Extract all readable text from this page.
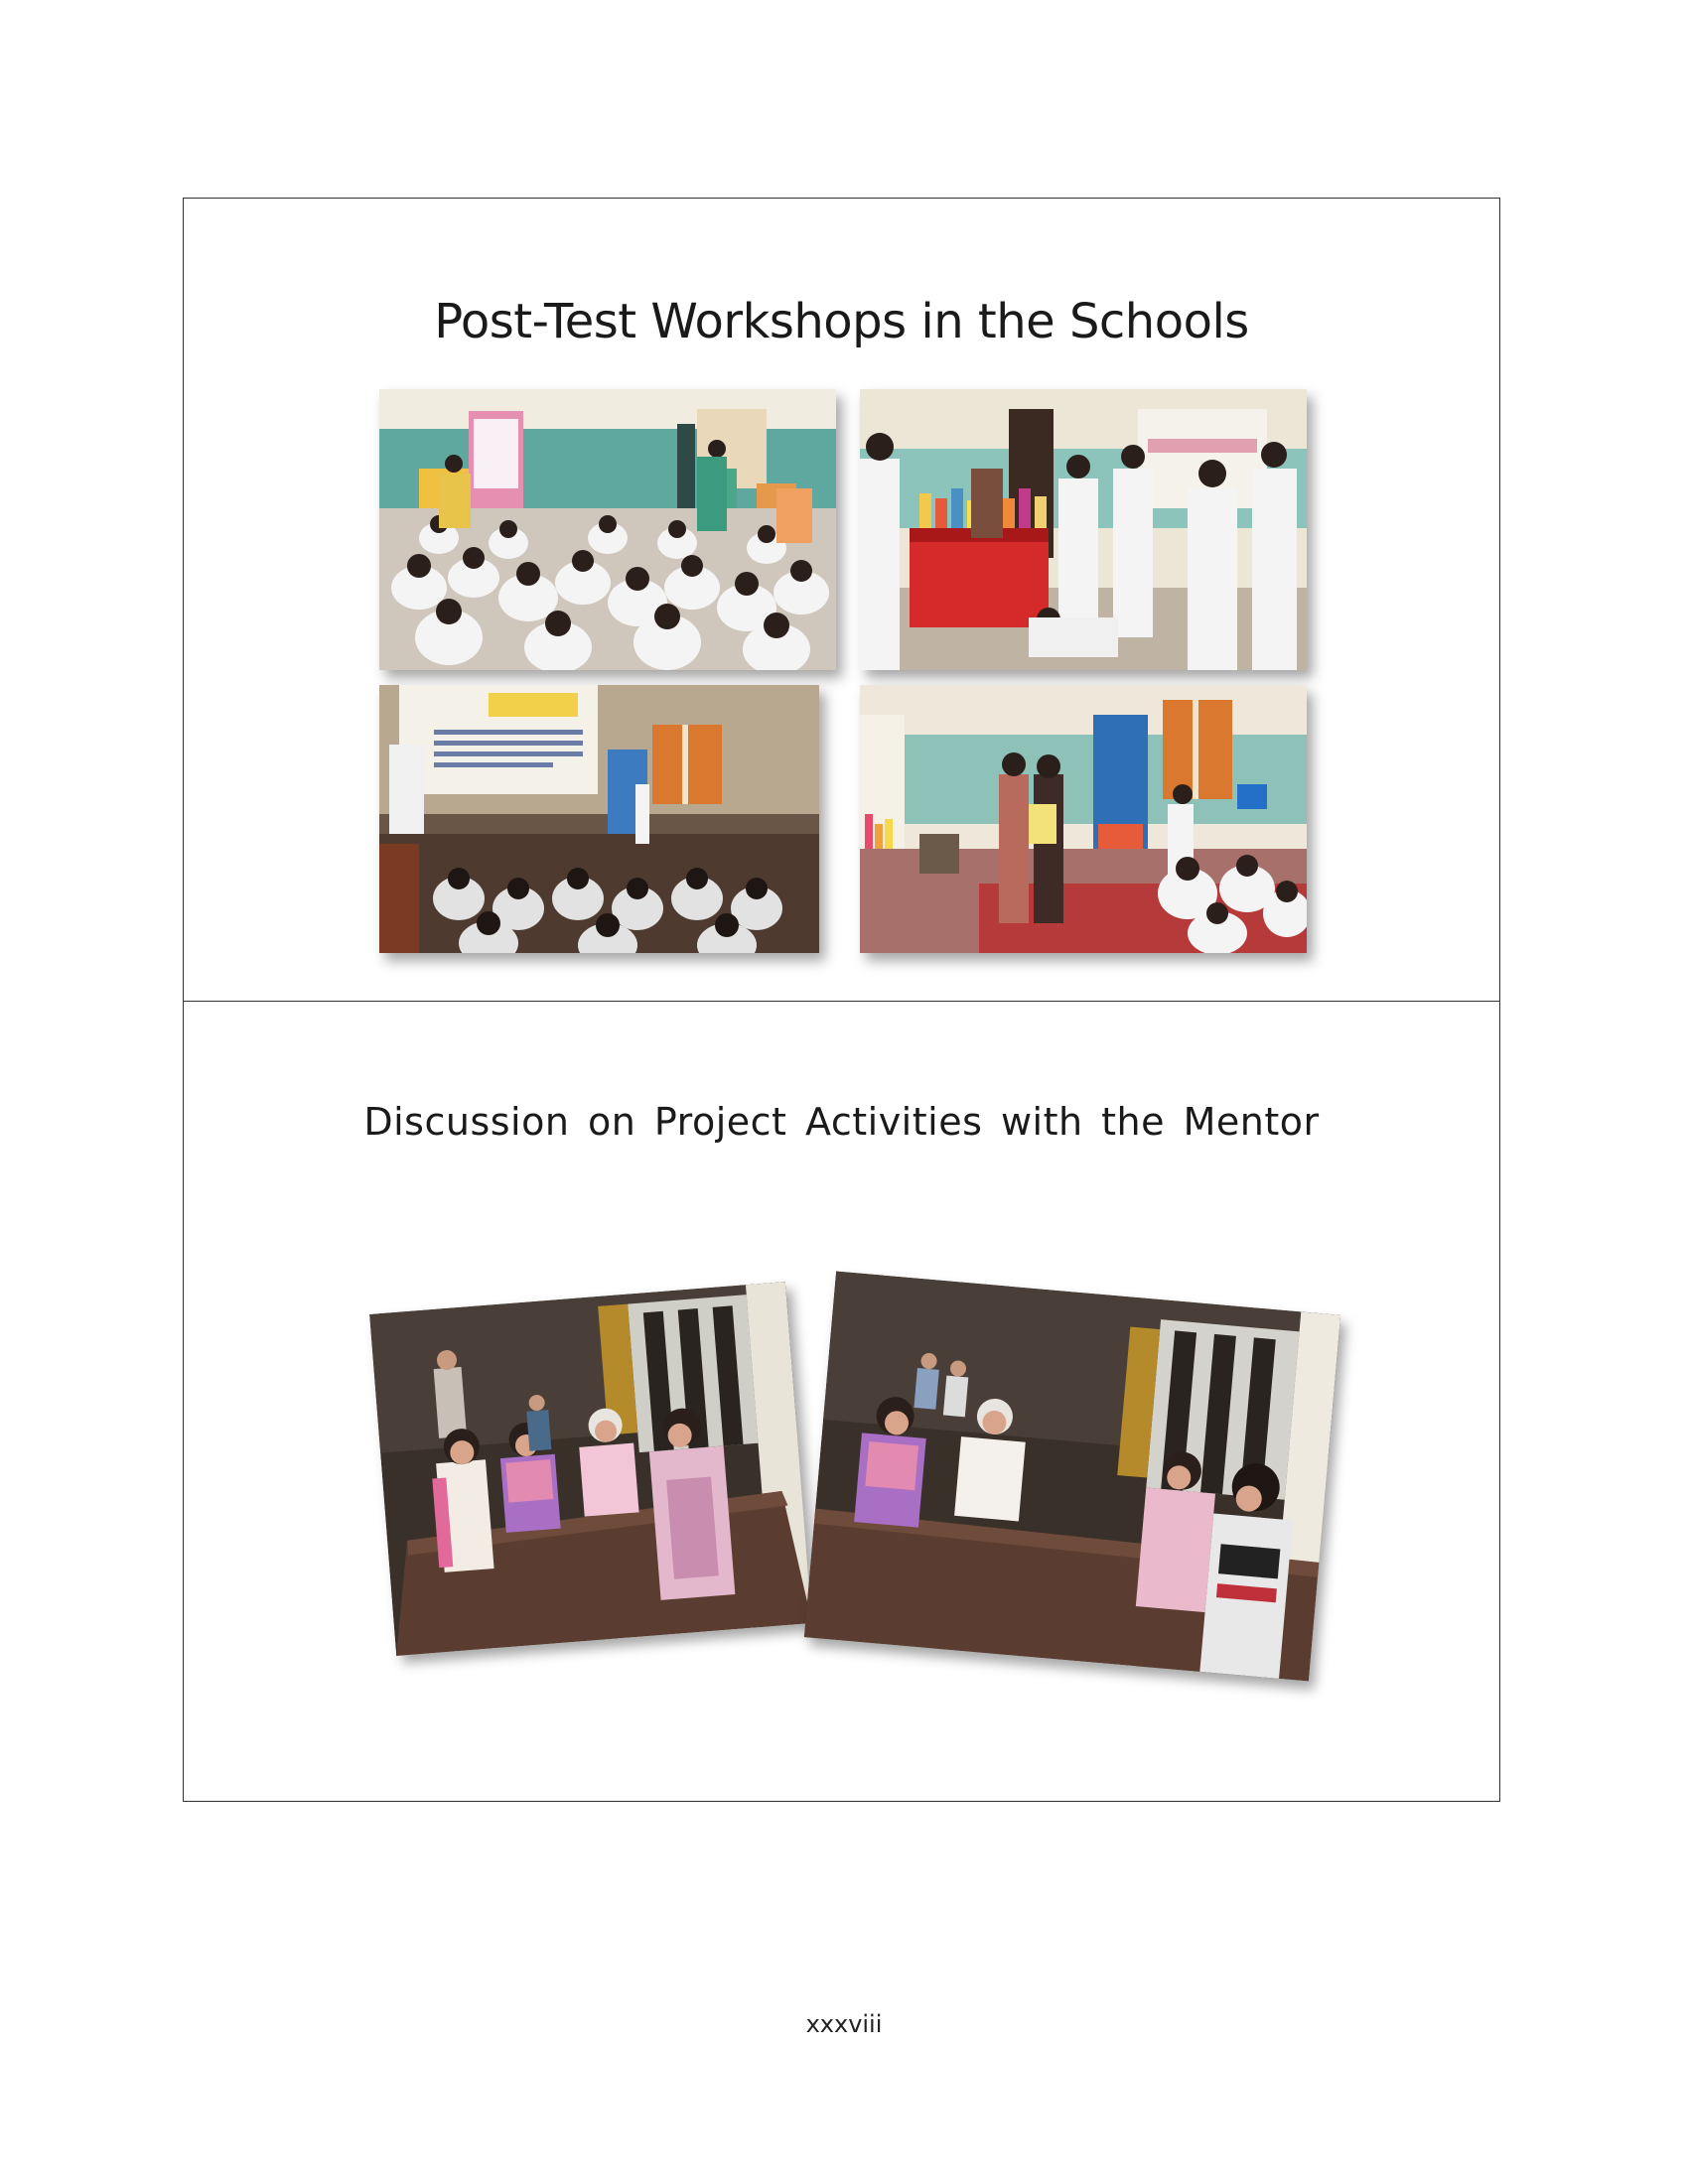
Post-Test Workshops in the Schools
Discussion on Project Activities with the Mentor
xxxviii
